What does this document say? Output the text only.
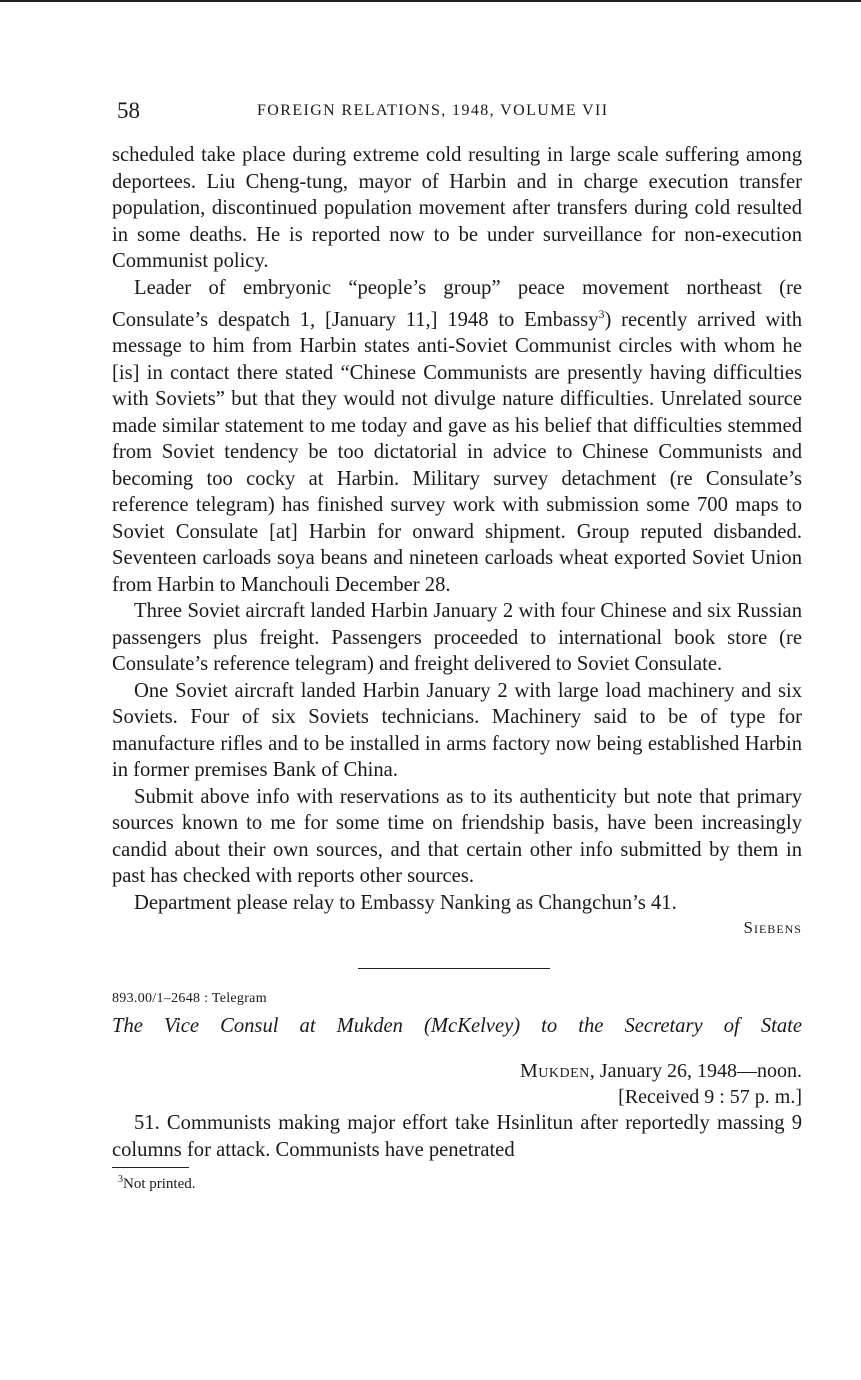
58	FOREIGN RELATIONS, 1948, VOLUME VII

scheduled take place during extreme cold resulting in large scale suffering among deportees. Liu Cheng-tung, mayor of Harbin and in charge execution transfer population, discontinued population movement after transfers during cold resulted in some deaths. He is reported now to be under surveillance for non-execution Communist policy.

Leader of embryonic “people’s group” peace movement northeast (re Consulate’s despatch 1, [January 11,] 1948 to Embassy$^3$) recently arrived with message to him from Harbin states anti-Soviet Communist circles with whom he [is] in contact there stated “Chinese Communists are presently having difficulties with Soviets” but that they would not divulge nature difficulties. Unrelated source made similar statement to me today and gave as his belief that difficulties stemmed from Soviet tendency be too dictatorial in advice to Chinese Communists and becoming too cocky at Harbin. Military survey detachment (re Consulate’s reference telegram) has finished survey work with submission some 700 maps to Soviet Consulate [at] Harbin for onward shipment. Group reputed disbanded. Seventeen carloads soya beans and nineteen carloads wheat exported Soviet Union from Harbin to Manchouli December 28.

Three Soviet aircraft landed Harbin January 2 with four Chinese and six Russian passengers plus freight. Passengers proceeded to international book store (re Consulate’s reference telegram) and freight delivered to Soviet Consulate.

One Soviet aircraft landed Harbin January 2 with large load machinery and six Soviets. Four of six Soviets technicians. Machinery said to be of type for manufacture rifles and to be installed in arms factory now being established Harbin in former premises Bank of China.

Submit above info with reservations as to its authenticity but note that primary sources known to me for some time on friendship basis, have been increasingly candid about their own sources, and that certain other info submitted by them in past has checked with reports other sources.

Department please relay to Embassy Nanking as Changchun’s 41.

Siebens
893.00/1–2648 : Telegram
The Vice Consul at Mukden (McKelvey) to the Secretary of State
Mukden, January 26, 1948—noon.
[Received 9 : 57 p. m.]

51. Communists making major effort take Hsinlitun after reportedly massing 9 columns for attack. Communists have penetrated

$^3$Not printed.
